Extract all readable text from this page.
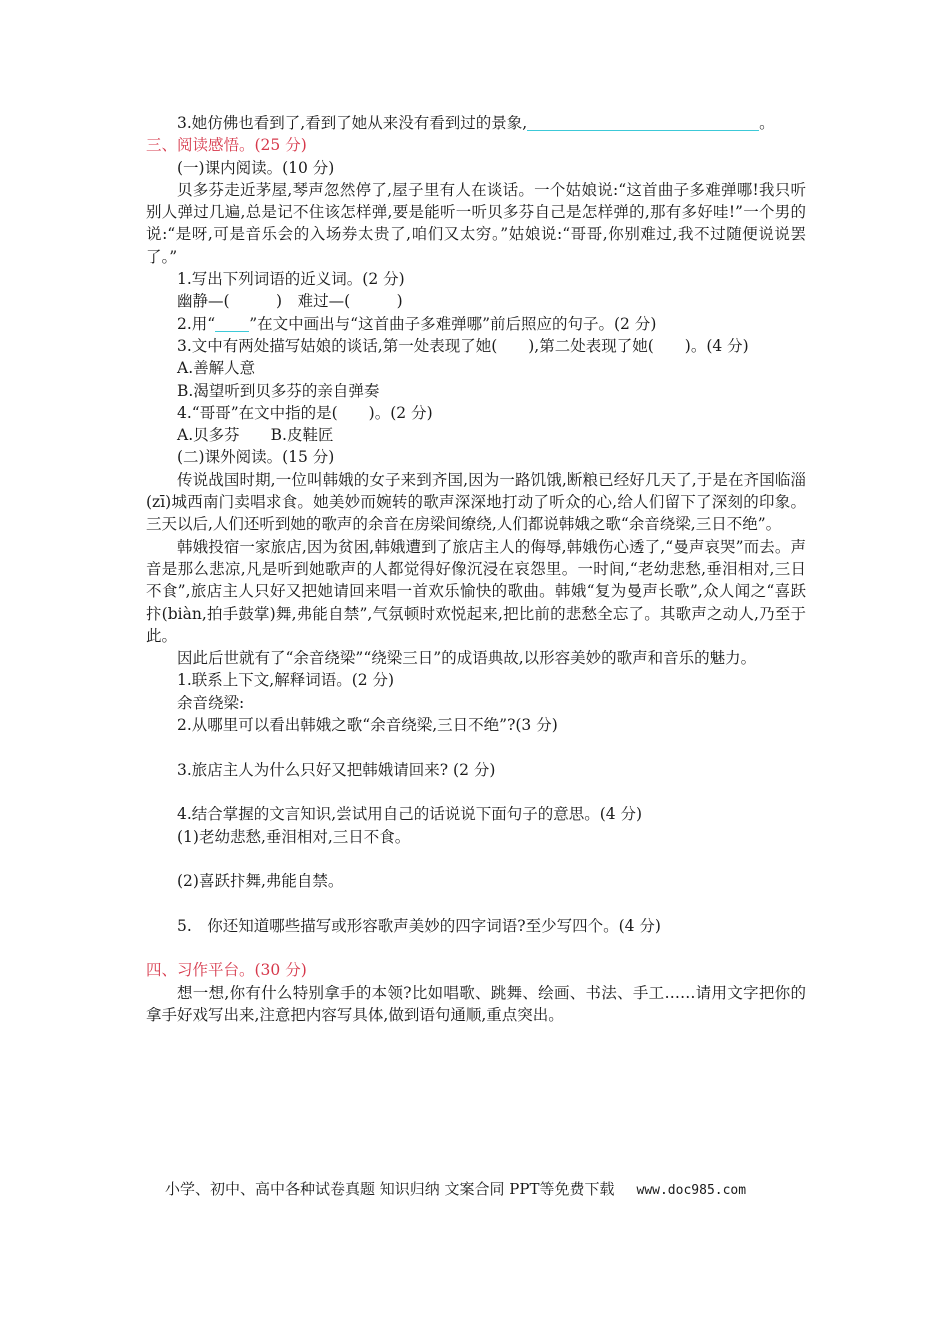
3.她仿佛也看到了,看到了她从来没有看到过的景象,	。
三、阅读感悟。(25 分)
(一)课内阅读。(10 分)
贝多芬走近茅屋,琴声忽然停了,屋子里有人在谈话。一个姑娘说:“这首曲子多难弹哪!我只听别人弹过几遍,总是记不住该怎样弹,要是能听一听贝多芬自己是怎样弹的,那有多好哇!”一个男的说:“是呀,可是音乐会的入场券太贵了,咱们又太穷。”姑娘说:“哥哥,你别难过,我不过随便说说罢了。”
1.写出下列词语的近义词。(2 分)
幽静—(　　　)　难过—(　　　)
2.用“ ”在文中画出与“这首曲子多难弹哪”前后照应的句子。(2 分)
3.文中有两处描写姑娘的谈话,第一处表现了她(　　),第二处表现了她(　　)。(4 分)
A.善解人意
B.渴望听到贝多芬的亲自弹奏
4.“哥哥”在文中指的是(　　)。(2 分)
A.贝多芬　　B.皮鞋匠
(二)课外阅读。(15 分)
传说战国时期,一位叫韩娥的女子来到齐国,因为一路饥饿,断粮已经好几天了,于是在齐国临淄(zī)城西南门卖唱求食。她美妙而婉转的歌声深深地打动了听众的心,给人们留下了深刻的印象。三天以后,人们还听到她的歌声的余音在房梁间缭绕,人们都说韩娥之歌“余音绕梁,三日不绝”。
韩娥投宿一家旅店,因为贫困,韩娥遭到了旅店主人的侮辱,韩娥伤心透了,“曼声哀哭”而去。声音是那么悲凉,凡是听到她歌声的人都觉得好像沉浸在哀怨里。一时间,“老幼悲愁,垂泪相对,三日不食”,旅店主人只好又把她请回来唱一首欢乐愉快的歌曲。韩娥“复为曼声长歌”,众人闻之“喜跃抃(biàn,拍手鼓掌)舞,弗能自禁”,气氛顿时欢悦起来,把比前的悲愁全忘了。其歌声之动人,乃至于此。
因此后世就有了“余音绕梁”“绕梁三日”的成语典故,以形容美妙的歌声和音乐的魅力。
1.联系上下文,解释词语。(2 分)
余音绕梁:
2.从哪里可以看出韩娥之歌“余音绕梁,三日不绝”?(3 分)
3.旅店主人为什么只好又把韩娥请回来? (2 分)
4.结合掌握的文言知识,尝试用自己的话说说下面句子的意思。(4 分)
(1)老幼悲愁,垂泪相对,三日不食。
(2)喜跃抃舞,弗能自禁。
5.　你还知道哪些描写或形容歌声美妙的四字词语?至少写四个。(4 分)
四、习作平台。(30 分)
想一想,你有什么特别拿手的本领?比如唱歌、跳舞、绘画、书法、手工……请用文字把你的拿手好戏写出来,注意把内容写具体,做到语句通顺,重点突出。
小学、初中、高中各种试卷真题 知识归纳 文案合同 PPT等免费下载 www.doc985.com
